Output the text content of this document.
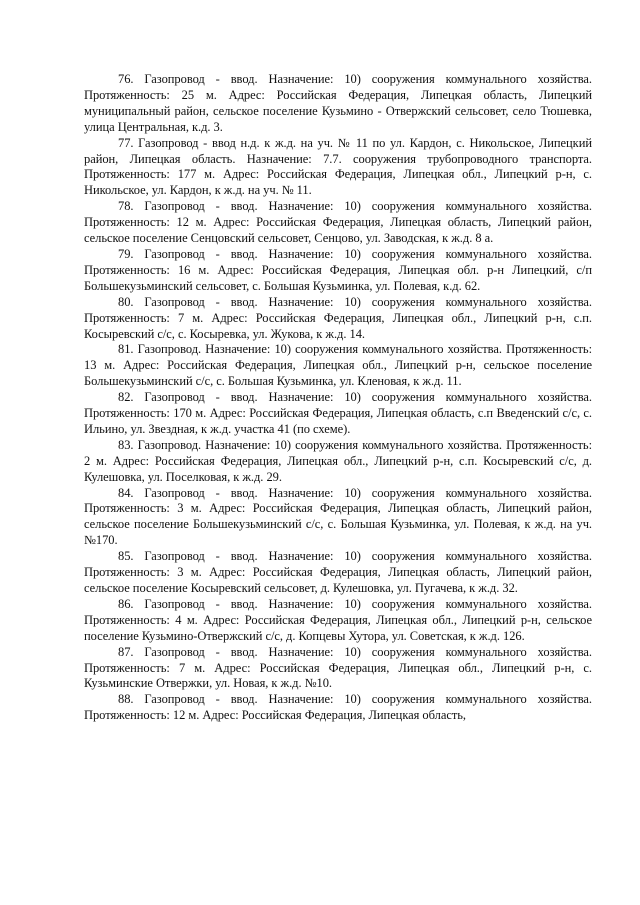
76. Газопровод - ввод. Назначение: 10) сооружения коммунального хозяйства. Протяженность: 25 м. Адрес: Российская Федерация, Липецкая область, Липецкий муниципальный район, сельское поселение Кузьмино - Отвержский сельсовет, село Тюшевка, улица Центральная, к.д. 3.

77. Газопровод - ввод н.д. к ж.д. на уч. № 11 по ул. Кардон, с. Никольское, Липецкий район, Липецкая область. Назначение: 7.7. сооружения трубопроводного транспорта. Протяженность: 177 м. Адрес: Российская Федерация, Липецкая обл., Липецкий р-н, с. Никольское, ул. Кардон, к ж.д. на уч. № 11.

78. Газопровод - ввод. Назначение: 10) сооружения коммунального хозяйства. Протяженность: 12 м. Адрес: Российская Федерация, Липецкая область, Липецкий район, сельское поселение Сенцовский сельсовет, Сенцово, ул. Заводская, к ж.д. 8 а.

79. Газопровод - ввод. Назначение: 10) сооружения коммунального хозяйства. Протяженность: 16 м. Адрес: Российская Федерация, Липецкая обл. р-н Липецкий, с/п Большекузьминский сельсовет, с. Большая Кузьминка, ул. Полевая, к.д. 62.

80. Газопровод - ввод. Назначение: 10) сооружения коммунального хозяйства. Протяженность: 7 м. Адрес: Российская Федерация, Липецкая обл., Липецкий р-н, с.п. Косыревский с/с, с. Косыревка, ул. Жукова, к ж.д. 14.

81. Газопровод. Назначение: 10) сооружения коммунального хозяйства. Протяженность: 13 м. Адрес: Российская Федерация, Липецкая обл., Липецкий р-н, сельское поселение Большекузьминский с/с, с. Большая Кузьминка, ул. Кленовая, к ж.д. 11.

82. Газопровод - ввод. Назначение: 10) сооружения коммунального хозяйства. Протяженность: 170 м. Адрес: Российская Федерация, Липецкая область, с.п Введенский с/с, с. Ильино, ул. Звездная, к ж.д. участка 41 (по схеме).

83. Газопровод. Назначение: 10) сооружения коммунального хозяйства. Протяженность: 2 м. Адрес: Российская Федерация, Липецкая обл., Липецкий р-н, с.п. Косыревский с/с, д. Кулешовка, ул. Поселковая, к ж.д. 29.

84. Газопровод - ввод. Назначение: 10) сооружения коммунального хозяйства. Протяженность: 3 м. Адрес: Российская Федерация, Липецкая область, Липецкий район, сельское поселение Большекузьминский с/с, с. Большая Кузьминка, ул. Полевая, к ж.д. на уч. №170.

85. Газопровод - ввод. Назначение: 10) сооружения коммунального хозяйства. Протяженность: 3 м. Адрес: Российская Федерация, Липецкая область, Липецкий район, сельское поселение Косыревский сельсовет, д. Кулешовка, ул. Пугачева, к ж.д. 32.

86. Газопровод - ввод. Назначение: 10) сооружения коммунального хозяйства. Протяженность: 4 м. Адрес: Российская Федерация, Липецкая обл., Липецкий р-н, сельское поселение Кузьмино-Отвержский с/с, д. Копцевы Хутора, ул. Советская, к ж.д. 126.

87. Газопровод - ввод. Назначение: 10) сооружения коммунального хозяйства. Протяженность: 7 м. Адрес: Российская Федерация, Липецкая обл., Липецкий р-н, с. Кузьминские Отвержки, ул. Новая, к ж.д. №10.

88. Газопровод - ввод. Назначение: 10) сооружения коммунального хозяйства. Протяженность: 12 м. Адрес: Российская Федерация, Липецкая область,
